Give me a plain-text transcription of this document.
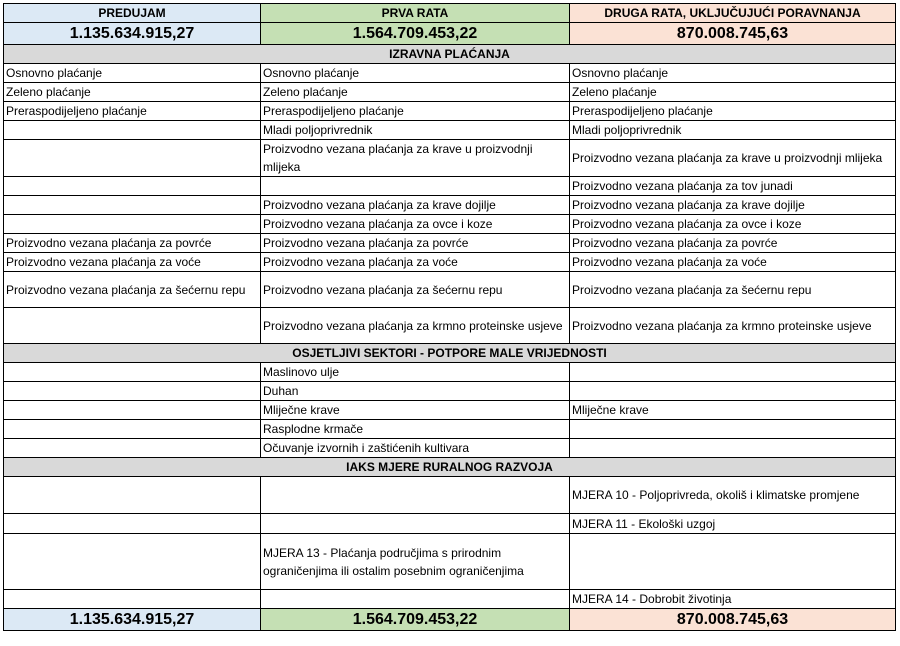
PREDUJAM	PRVA RATA	DRUGA RATA, UKLJUČUJUĆI PORAVNANJA
1.135.634.915,27	1.564.709.453,22	870.008.745,63
IZRAVNA PLAĆANJA		
Osnovno plaćanje	Osnovno plaćanje	Osnovno plaćanje
Zeleno plaćanje	Zeleno plaćanje	Zeleno plaćanje
Preraspodijeljeno plaćanje	Preraspodijeljeno plaćanje	Preraspodijeljeno plaćanje
	Mladi poljoprivrednik	Mladi poljoprivrednik
	Proizvodno vezana plaćanja za krave u proizvodnji mlijeka	Proizvodno vezana plaćanja za krave u proizvodnji mlijeka
		Proizvodno vezana plaćanja za tov junadi
	Proizvodno vezana plaćanja za krave dojilje	Proizvodno vezana plaćanja za krave dojilje
	Proizvodno vezana plaćanja za ovce i koze	Proizvodno vezana plaćanja za ovce i koze
Proizvodno vezana plaćanja za povrće	Proizvodno vezana plaćanja za povrće	Proizvodno vezana plaćanja za povrće
Proizvodno vezana plaćanja za voće	Proizvodno vezana plaćanja za voće	Proizvodno vezana plaćanja za voće
Proizvodno vezana plaćanja za šećernu repu	Proizvodno vezana plaćanja za šećernu repu	Proizvodno vezana plaćanja za šećernu repu
	Proizvodno vezana plaćanja za krmno proteinske usjeve	Proizvodno vezana plaćanja za krmno proteinske usjeve
OSJETLJIVI SEKTORI - POTPORE MALE VRIJEDNOSTI		
	Maslinovo ulje	
	Duhan	
	Mliječne krave	Mliječne krave
	Rasplodne krmače	
	Očuvanje izvornih i zaštićenih kultivara	
IAKS MJERE RURALNOG RAZVOJA		
		MJERA 10 - Poljoprivreda, okoliš i klimatske promjene
		MJERA 11 - Ekološki uzgoj
	MJERA 13 - Plaćanja područjima s prirodnim ograničenjima ili ostalim posebnim ograničenjima	
		MJERA 14 - Dobrobit životinja
1.135.634.915,27	1.564.709.453,22	870.008.745,63
